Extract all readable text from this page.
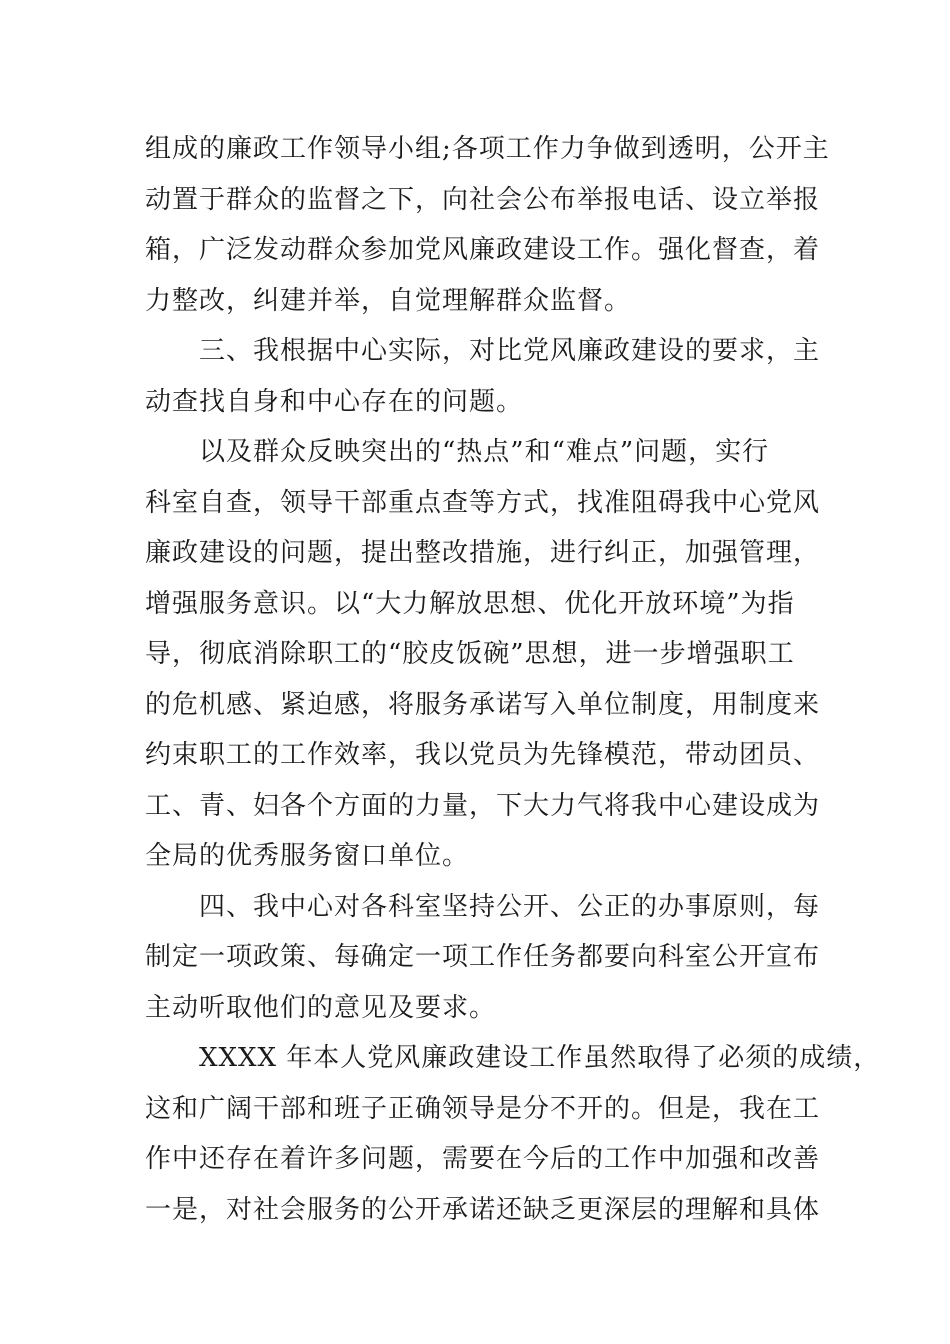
组成的廉政工作领导小组;各项工作力争做到透明，公开主
动置于群众的监督之下，向社会公布举报电话、设立举报
箱，广泛发动群众参加党风廉政建设工作。强化督查，着
力整改，纠建并举，自觉理解群众监督。
三、我根据中心实际，对比党风廉政建设的要求，主
动查找自身和中心存在的问题。
以及群众反映突出的“热点”和“难点”问题，实行
科室自查，领导干部重点查等方式，找准阻碍我中心党风
廉政建设的问题，提出整改措施，进行纠正，加强管理，
增强服务意识。以“大力解放思想、优化开放环境”为指
导，彻底消除职工的“胶皮饭碗”思想，进一步增强职工
的危机感、紧迫感，将服务承诺写入单位制度，用制度来
约束职工的工作效率，我以党员为先锋模范，带动团员、
工、青、妇各个方面的力量，下大力气将我中心建设成为
全局的优秀服务窗口单位。
四、我中心对各科室坚持公开、公正的办事原则，每
制定一项政策、每确定一项工作任务都要向科室公开宣布
主动听取他们的意见及要求。
XXXX 年本人党风廉政建设工作虽然取得了必须的成绩，
这和广阔干部和班子正确领导是分不开的。但是，我在工
作中还存在着许多问题，需要在今后的工作中加强和改善
一是，对社会服务的公开承诺还缺乏更深层的理解和具体
